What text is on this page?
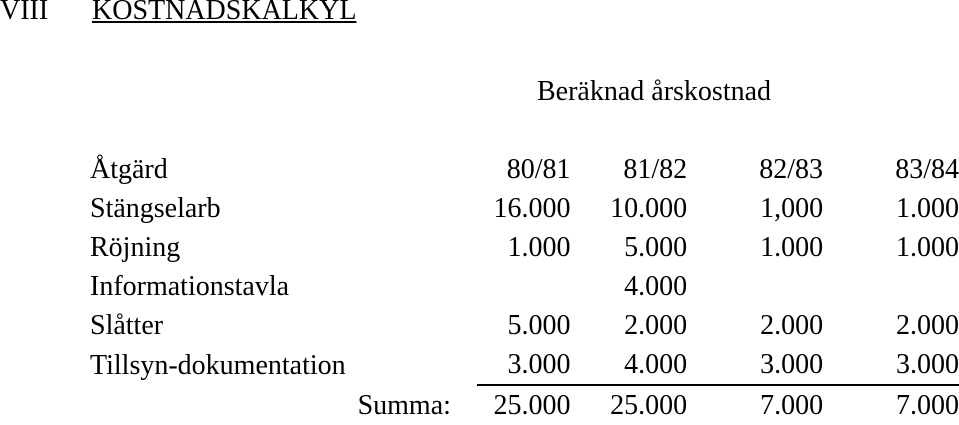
VIII KOSTNADSKALKYL
Beräknad årskostnad
Åtgärd	80/81	81/82	82/83	83/84
Stängselarb	16.000	10.000	1,000	1.000
Röjning	1.000	5.000	1.000	1.000
Informationstavla		4.000		
Slåtter	5.000	2.000	2.000	2.000
Tillsyn-dokumentation	3.000	4.000	3.000	3.000
Summa:	25.000	25.000	7.000	7.000
